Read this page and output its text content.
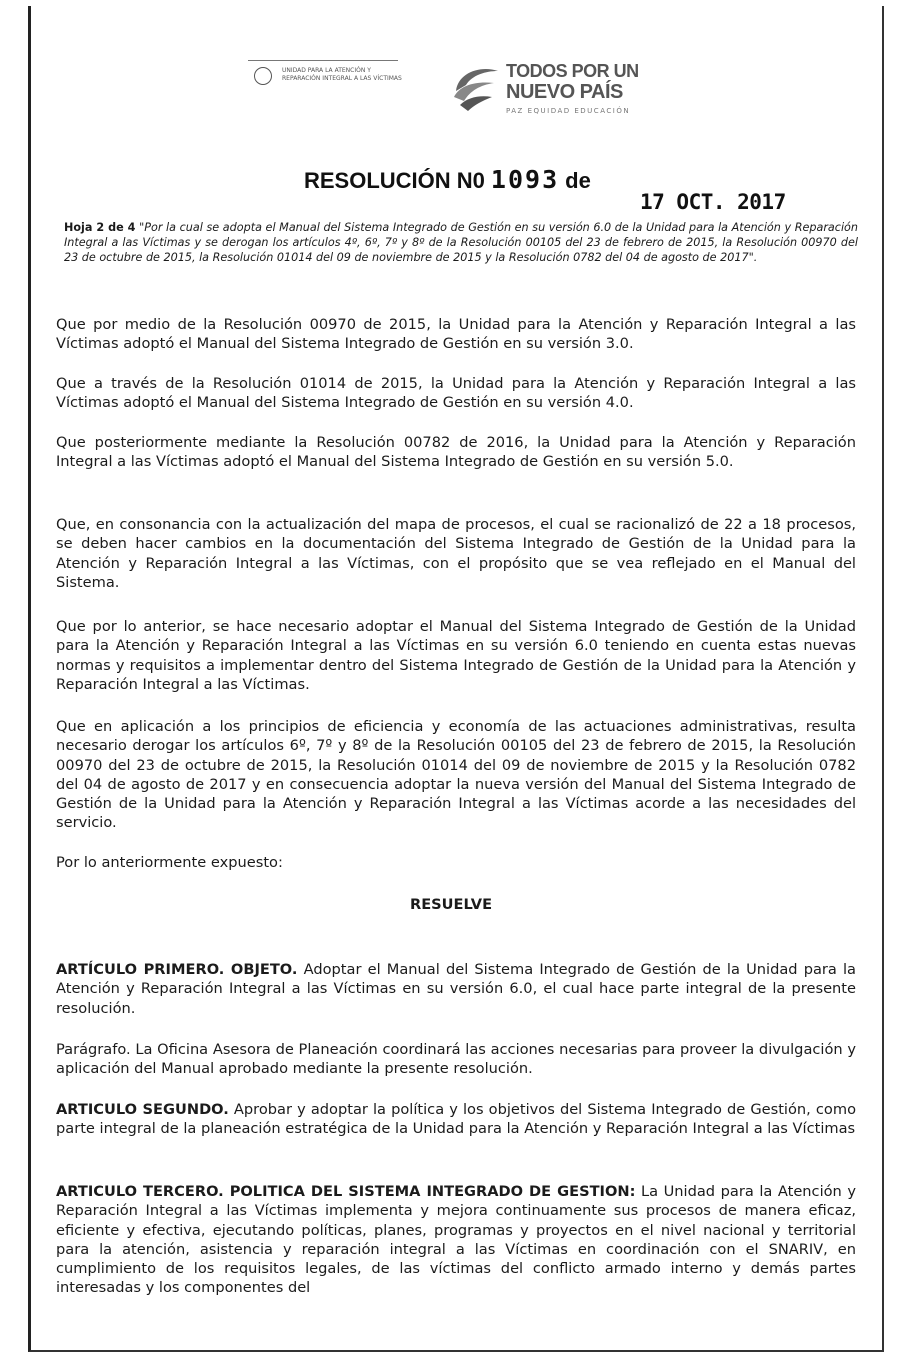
UNIDAD PARA LA ATENCIÓN Y REPARACIÓN INTEGRAL A LAS VÍCTIMAS	TODOS POR UN
NUEVO PAÍS
PAZ EQUIDAD EDUCACIÓN
RESOLUCIÓN N0 1093 de
17 OCT. 2017
Hoja 2 de 4 "Por la cual se adopta el Manual del Sistema Integrado de Gestión en su versión 6.0 de la Unidad para la Atención y Reparación Integral a las Víctimas y se derogan los artículos 4º, 6º, 7º y 8º de la Resolución 00105 del 23 de febrero de 2015, la Resolución 00970 del 23 de octubre de 2015, la Resolución 01014 del 09 de noviembre de 2015 y la Resolución 0782 del 04 de agosto de 2017".
Que por medio de la Resolución 00970 de 2015, la Unidad para la Atención y Reparación Integral a las Víctimas adoptó el Manual del Sistema Integrado de Gestión en su versión 3.0.
Que a través de la Resolución 01014 de 2015, la Unidad para la Atención y Reparación Integral a las Víctimas adoptó el Manual del Sistema Integrado de Gestión en su versión 4.0.
Que posteriormente mediante la Resolución 00782 de 2016, la Unidad para la Atención y Reparación Integral a las Víctimas adoptó el Manual del Sistema Integrado de Gestión en su versión 5.0.
Que, en consonancia con la actualización del mapa de procesos, el cual se racionalizó de 22 a 18 procesos, se deben hacer cambios en la documentación del Sistema Integrado de Gestión de la Unidad para la Atención y Reparación Integral a las Víctimas, con el propósito que se vea reflejado en el Manual del Sistema.
Que por lo anterior, se hace necesario adoptar el Manual del Sistema Integrado de Gestión de la Unidad para la Atención y Reparación Integral a las Víctimas en su versión 6.0 teniendo en cuenta estas nuevas normas y requisitos a implementar dentro del Sistema Integrado de Gestión de la Unidad para la Atención y Reparación Integral a las Víctimas.
Que en aplicación a los principios de eficiencia y economía de las actuaciones administrativas, resulta necesario derogar los artículos 6º, 7º y 8º de la Resolución 00105 del 23 de febrero de 2015, la Resolución 00970 del 23 de octubre de 2015, la Resolución 01014 del 09 de noviembre de 2015 y la Resolución 0782 del 04 de agosto de 2017 y en consecuencia adoptar la nueva versión del Manual del Sistema Integrado de Gestión de la Unidad para la Atención y Reparación Integral a las Víctimas acorde a las necesidades del servicio.
Por lo anteriormente expuesto:
RESUELVE
ARTÍCULO PRIMERO. OBJETO. Adoptar el Manual del Sistema Integrado de Gestión de la Unidad para la Atención y Reparación Integral a las Víctimas en su versión 6.0, el cual hace parte integral de la presente resolución.
Parágrafo. La Oficina Asesora de Planeación coordinará las acciones necesarias para proveer la divulgación y aplicación del Manual aprobado mediante la presente resolución.
ARTICULO SEGUNDO. Aprobar y adoptar la política y los objetivos del Sistema Integrado de Gestión, como parte integral de la planeación estratégica de la Unidad para la Atención y Reparación Integral a las Víctimas
ARTICULO TERCERO. POLITICA DEL SISTEMA INTEGRADO DE GESTION: La Unidad para la Atención y Reparación Integral a las Víctimas implementa y mejora continuamente sus procesos de manera eficaz, eficiente y efectiva, ejecutando políticas, planes, programas y proyectos en el nivel nacional y territorial para la atención, asistencia y reparación integral a las Víctimas en coordinación con el SNARIV, en cumplimiento de los requisitos legales, de las víctimas del conflicto armado interno y demás partes interesadas y los componentes del
